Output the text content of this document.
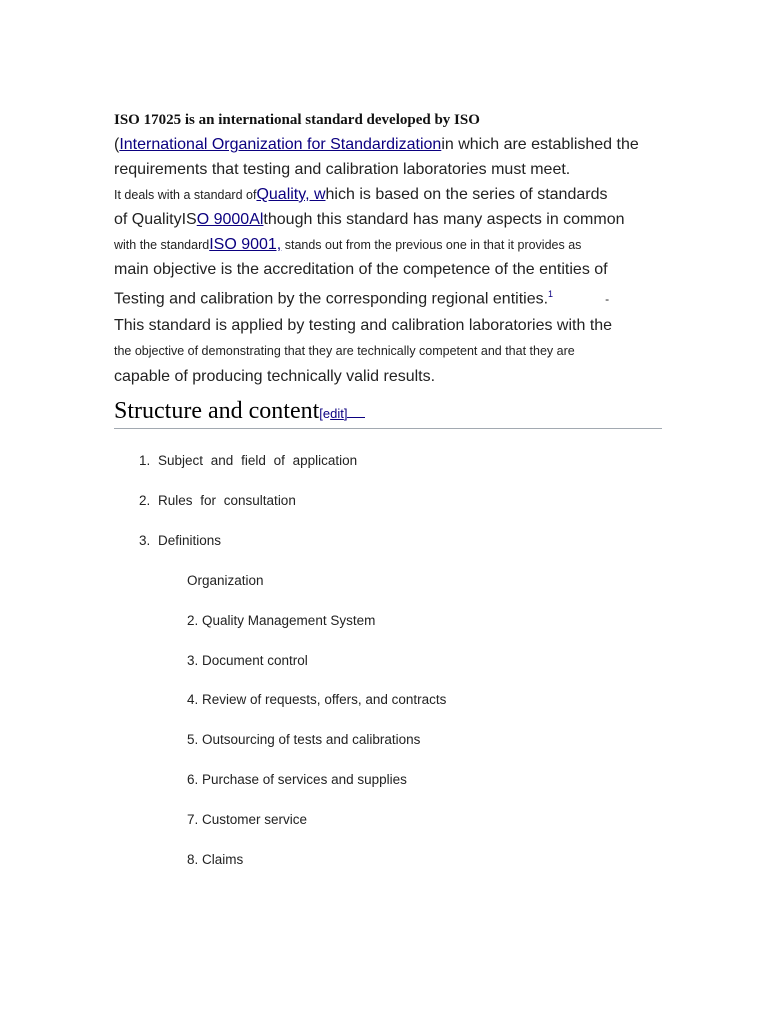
ISO 17025 is an international standard developed by ISO
(International Organization for Standardizationin which are established the
requirements that testing and calibration laboratories must meet.
It deals with a standard ofQuality, which is based on the series of standards
of QualityISO 9000Although this standard has many aspects in common
with the standardISO 9001, stands out from the previous one in that it provides as
main objective is the accreditation of the competence of the entities of
Testing and calibration by the corresponding regional entities.$^1$	-
This standard is applied by testing and calibration laboratories with the
the objective of demonstrating that they are technically competent and that they are
capable of producing technically valid results.
Structure and content[edit]
1. Subject and field of application
2. Rules for consultation
3. Definitions
Organization
2. Quality Management System
3. Document control
4. Review of requests, offers, and contracts
5. Outsourcing of tests and calibrations
6. Purchase of services and supplies
7. Customer service
8. Claims
